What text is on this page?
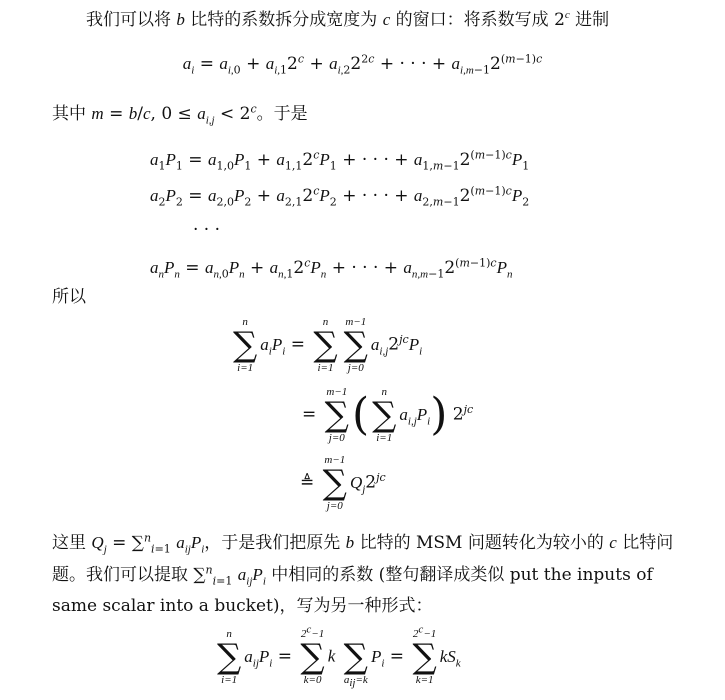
我们可以将 b 比特的系数拆分成宽度为 c 的窗口：将系数写成 2$^c$ 进制
$a_i = a_{i,0} + a_{i,1}2^c + a_{i,2}2^{2c}$ + · · · + $a_{i,m-1}2^{(m-1)c}$
其中 m = b/c, $0 \le a_{i,j} < 2^c$。于是
$a_1P_1 = a_{1,0}P_1 + a_{1,1}2^cP_1$ + · · · + $a_{1,m-1}2^{(m-1)c}P_1$
$a_2P_2 = a_{2,0}P_2 + a_{2,1}2^cP_2$ + · · · + $a_{2,m-1}2^{(m-1)c}P_2$
· · ·
$a_nP_n = a_{n,0}P_n + a_{n,1}2^cP_n$ + · · · + $a_{n,m-1}2^{(m-1)c}P_n$
所以
n
∑
i=1
$a_iP_i$ =
n
∑
i=1
m−1
∑
j=0
$a_{i,j}2^{jc}P_i$
=
m−1
∑
j=0 (	n
∑
i=1
$a_{i,j}P_i$) $2^{jc}$
≜
m−1
∑
j=0
$Q_j2^{jc}$
这里 $Q_j = \sum^n_{i=1}$ $a_{ij}P_i$，于是我们把原先 b 比特的 MSM 问题转化为较小的 c 比特问题。我们可以提取 ∑$^n_{i=1}$ $a_{ij}P_i$ 中相同的系数 (整句翻译成类似 put the inputs of same scalar into a bucket)，写为另一种形式：
n
∑
i=1
$a_{ij}P_i$ =
$2^c-1$
∑
k=0
k
∑
$a_{ij}=k$
$P_i$ =
$2^c-1$
∑
k=1
$kS_k$
